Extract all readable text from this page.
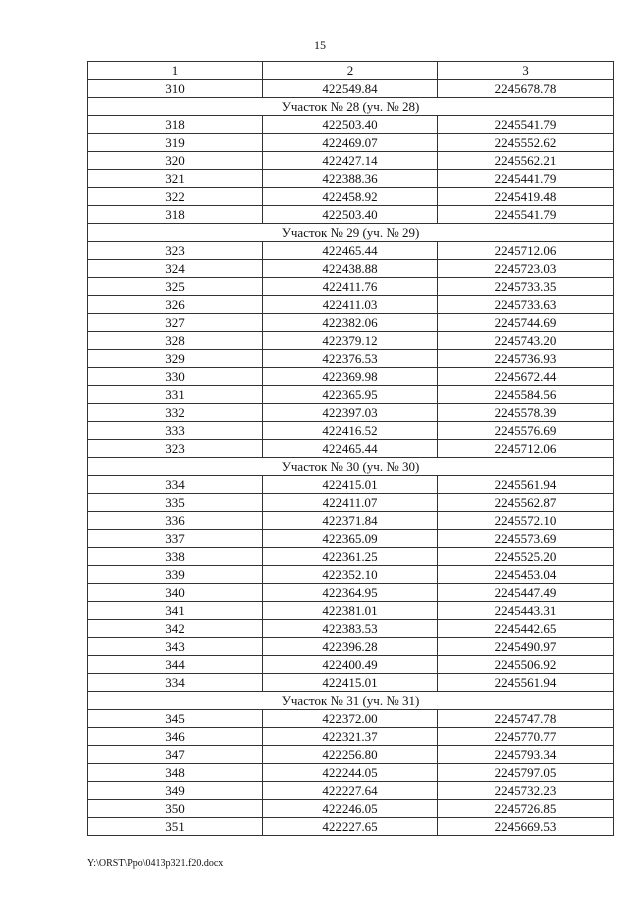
15
1	2	3
310	422549.84	2245678.78
Участок № 28 (уч. № 28)		
318	422503.40	2245541.79
319	422469.07	2245552.62
320	422427.14	2245562.21
321	422388.36	2245441.79
322	422458.92	2245419.48
318	422503.40	2245541.79
Участок № 29 (уч. № 29)		
323	422465.44	2245712.06
324	422438.88	2245723.03
325	422411.76	2245733.35
326	422411.03	2245733.63
327	422382.06	2245744.69
328	422379.12	2245743.20
329	422376.53	2245736.93
330	422369.98	2245672.44
331	422365.95	2245584.56
332	422397.03	2245578.39
333	422416.52	2245576.69
323	422465.44	2245712.06
Участок № 30 (уч. № 30)		
334	422415.01	2245561.94
335	422411.07	2245562.87
336	422371.84	2245572.10
337	422365.09	2245573.69
338	422361.25	2245525.20
339	422352.10	2245453.04
340	422364.95	2245447.49
341	422381.01	2245443.31
342	422383.53	2245442.65
343	422396.28	2245490.97
344	422400.49	2245506.92
334	422415.01	2245561.94
Участок № 31 (уч. № 31)		
345	422372.00	2245747.78
346	422321.37	2245770.77
347	422256.80	2245793.34
348	422244.05	2245797.05
349	422227.64	2245732.23
350	422246.05	2245726.85
351	422227.65	2245669.53
Y:\ORST\Ppo\0413p321.f20.docx
